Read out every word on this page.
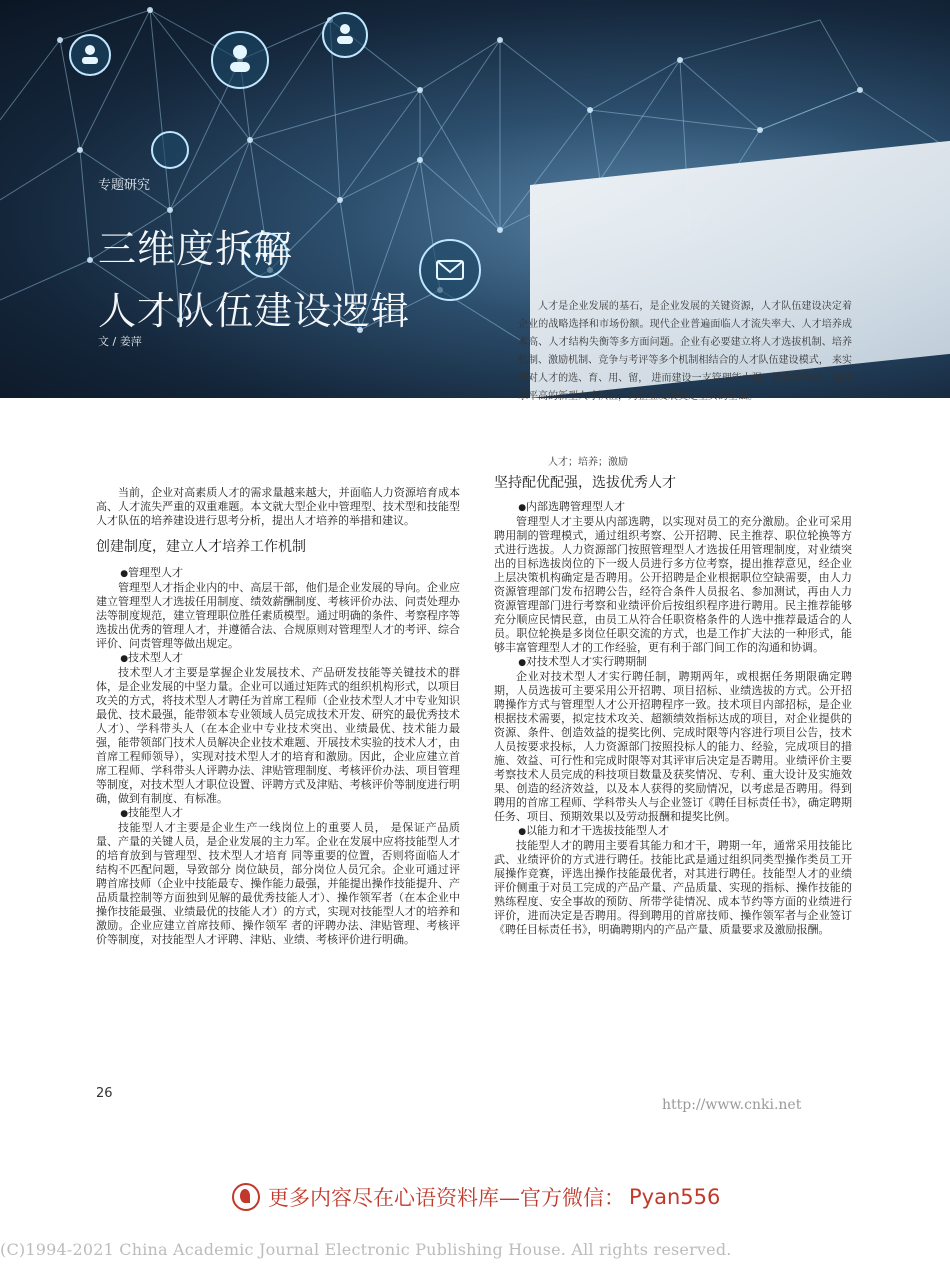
专题研究
三维度拆解
人才队伍建设逻辑
文 / 姜萍
人才是企业发展的基石，是企业发展的关键资源，人才队伍建设决定着企业的战略选择和市场份额。现代企业普遍面临人才流失率大、人才培养成本高、人才结构失衡等多方面问题。企业有必要建立将人才选拔机制、培养机制、激励机制、竞争与考评等多个机制相结合的人才队伍建设模式， 来实现对人才的选、育、用、留， 进而建设一支管理能力强、技术技能好、操作水平高的新型人才队伍，为企业发展奠定坚实的基础。
人才；培养；激励

当前，企业对高素质人才的需求量越来越大，并面临人力资源培育成本高、人才流失严重的双重难题。本文就大型企业中管理型、技术型和技能型人才队伍的培养建设进行思考分析，提出人才培养的举措和建议。

创建制度，建立人才培养工作机制

●管理型人才

管理型人才指企业内的中、高层干部，他们是企业发展的导向。企业应建立管理型人才选拔任用制度、绩效薪酬制度、考核评价办法、问责处理办法等制度规范，建立管理职位胜任素质模型。通过明确的条件、考察程序等选拔出优秀的管理人才，并遵循合法、合规原则对管理型人才的考评、综合评价、问责管理等做出规定。

●技术型人才

技术型人才主要是掌握企业发展技术、产品研发技能等关键技术的群体，是企业发展的中坚力量。企业可以通过矩阵式的组织机构形式，以项目攻关的方式，将技术型人才聘任为首席工程师（企业技术型人才中专业知识最优、技术最强，能带领本专业领域人员完成技术开发、研究的最优秀技术人才）、学科带头人（在本企业中专业技术突出、业绩最优、技术能力最强，能带领部门技术人员解决企业技术难题、开展技术实验的技术人才，由首席工程师领导），实现对技术型人才的培育和激励。因此，企业应建立首席工程师、学科带头人评聘办法、津贴管理制度、考核评价办法、项目管理等制度，对技术型人才职位设置、评聘方式及津贴、考核评价等制度进行明确，做到有制度、有标准。

●技能型人才

技能型人才主要是企业生产一线岗位上的重要人员， 是保证产品质量、产量的关键人员，是企业发展的主力军。企业在发展中应将技能型人才的培育放到与管理型、技术型人才培育 同等重要的位置，否则将面临人才结构不匹配问题，导致部分 岗位缺员，部分岗位人员冗余。企业可通过评聘首席技师（企业中技能最专、操作能力最强，并能提出操作技能提升、产品质量控制等方面独到见解的最优秀技能人才）、操作领军者（在本企业中操作技能最强、业绩最优的技能人才）的方式，实现对技能型人才的培养和激励。企业应建立首席技师、操作领军 者的评聘办法、津贴管理、考核评价等制度，对技能型人才评聘、津贴、业绩、考核评价进行明确。

坚持配优配强，选拔优秀人才

●内部选聘管理型人才

管理型人才主要从内部选聘，以实现对员工的充分激励。企业可采用聘用制的管理模式，通过组织考察、公开招聘、民主推荐、职位轮换等方式进行选拔。人力资源部门按照管理型人才选拔任用管理制度，对业绩突出的目标选拔岗位的下一级人员进行多方位考察，提出推荐意见，经企业上层决策机构确定是否聘用。公开招聘是企业根据职位空缺需要，由人力资源管理部门发布招聘公告，经符合条件人员报名、参加测试，再由人力资源管理部门进行考察和业绩评价后按组织程序进行聘用。民主推荐能够充分顺应民情民意，由员工从符合任职资格条件的人选中推荐最适合的人员。职位轮换是多岗位任职交流的方式，也是工作扩大法的一种形式，能够丰富管理型人才的工作经验，更有利于部门间工作的沟通和协调。

●对技术型人才实行聘期制

企业对技术型人才实行聘任制，聘期两年，或根据任务期限确定聘期，人员选拔可主要采用公开招聘、项目招标、业绩选拔的方式。公开招聘操作方式与管理型人才公开招聘程序一致。技术项目内部招标，是企业根据技术需要，拟定技术攻关、超额绩效指标达成的项目，对企业提供的资源、条件、创造效益的提奖比例、完成时限等内容进行项目公告，技术人员按要求投标，人力资源部门按照投标人的能力、经验，完成项目的措施、效益、可行性和完成时限等对其评审后决定是否聘用。业绩评价主要考察技术人员完成的科技项目数量及获奖情况、专利、重大设计及实施效果、创造的经济效益，以及本人获得的奖励情况，以考虑是否聘用。得到聘用的首席工程师、学科带头人与企业签订《聘任目标责任书》，确定聘期任务、项目、预期效果以及劳动报酬和提奖比例。

●以能力和才干选拔技能型人才

技能型人才的聘用主要看其能力和才干，聘期一年，通常采用技能比武、业绩评价的方式进行聘任。技能比武是通过组织同类型操作类员工开展操作竞赛，评选出操作技能最优者，对其进行聘任。技能型人才的业绩评价侧重于对员工完成的产品产量、产品质量、实现的指标、操作技能的熟练程度、安全事故的预防、所带学徒情况、成本节约等方面的业绩进行评价，进而决定是否聘用。得到聘用的首席技师、操作领军者与企业签订《聘任目标责任书》，明确聘期内的产品产量、质量要求及激励报酬。

26
http://www.cnki.net
更多内容尽在心语资料库—官方微信： Pyan556
(C)1994-2021 China Academic Journal Electronic Publishing House. All rights reserved.
